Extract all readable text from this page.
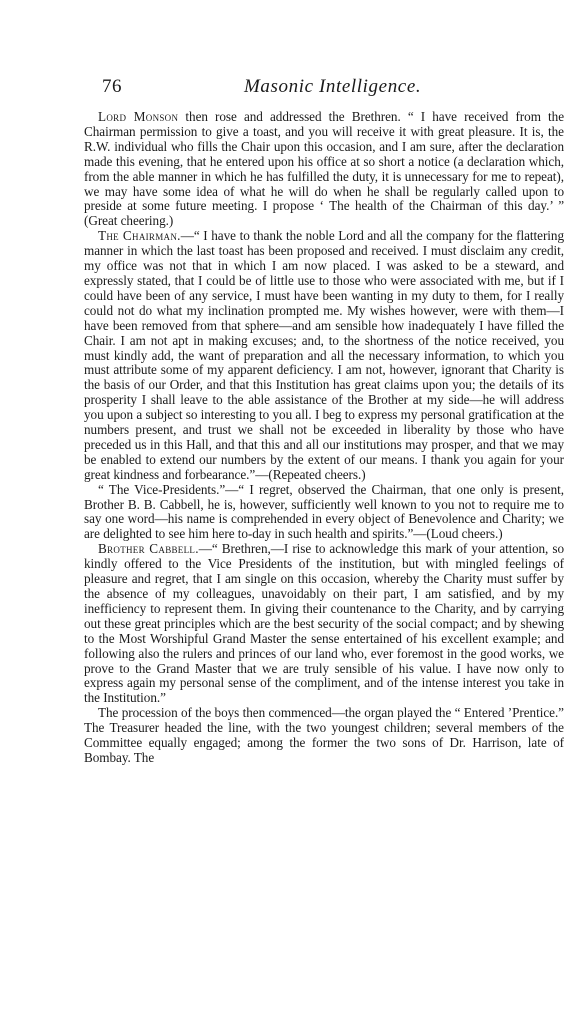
76	Masonic Intelligence.

Lord Monson then rose and addressed the Brethren. “ I have received from the Chairman permission to give a toast, and you will receive it with great pleasure. It is, the R.W. individual who fills the Chair upon this occasion, and I am sure, after the declaration made this evening, that he entered upon his office at so short a notice (a declaration which, from the able manner in which he has fulfilled the duty, it is unnecessary for me to repeat), we may have some idea of what he will do when he shall be regularly called upon to preside at some future meeting. I propose ‘ The health of the Chairman of this day.’ ” (Great cheering.)

The Chairman.—“ I have to thank the noble Lord and all the company for the flattering manner in which the last toast has been proposed and received. I must disclaim any credit, my office was not that in which I am now placed. I was asked to be a steward, and expressly stated, that I could be of little use to those who were associated with me, but if I could have been of any service, I must have been wanting in my duty to them, for I really could not do what my inclination prompted me. My wishes however, were with them—I have been removed from that sphere—and am sensible how inadequately I have filled the Chair. I am not apt in making excuses; and, to the shortness of the notice received, you must kindly add, the want of preparation and all the necessary information, to which you must attribute some of my apparent deficiency. I am not, however, ignorant that Charity is the basis of our Order, and that this Institution has great claims upon you; the details of its prosperity I shall leave to the able assistance of the Brother at my side—he will address you upon a subject so interesting to you all. I beg to express my personal gratification at the numbers present, and trust we shall not be exceeded in liberality by those who have preceded us in this Hall, and that this and all our institutions may prosper, and that we may be enabled to extend our numbers by the extent of our means. I thank you again for your great kindness and forbearance.”—(Repeated cheers.)

“ The Vice-Presidents.”—“ I regret, observed the Chairman, that one only is present, Brother B. B. Cabbell, he is, however, sufficiently well known to you not to require me to say one word—his name is comprehended in every object of Benevolence and Charity; we are delighted to see him here to-day in such health and spirits.”—(Loud cheers.)

Brother Cabbell.—“ Brethren,—I rise to acknowledge this mark of your attention, so kindly offered to the Vice Presidents of the institution, but with mingled feelings of pleasure and regret, that I am single on this occasion, whereby the Charity must suffer by the absence of my colleagues, unavoidably on their part, I am satisfied, and by my inefficiency to represent them. In giving their countenance to the Charity, and by carrying out these great principles which are the best security of the social compact; and by shewing to the Most Worshipful Grand Master the sense entertained of his excellent example; and following also the rulers and princes of our land who, ever foremost in the good works, we prove to the Grand Master that we are truly sensible of his value. I have now only to express again my personal sense of the compliment, and of the intense interest you take in the Institution.”

The procession of the boys then commenced—the organ played the “ Entered ’Prentice.” The Treasurer headed the line, with the two youngest children; several members of the Committee equally engaged; among the former the two sons of Dr. Harrison, late of Bombay. The
